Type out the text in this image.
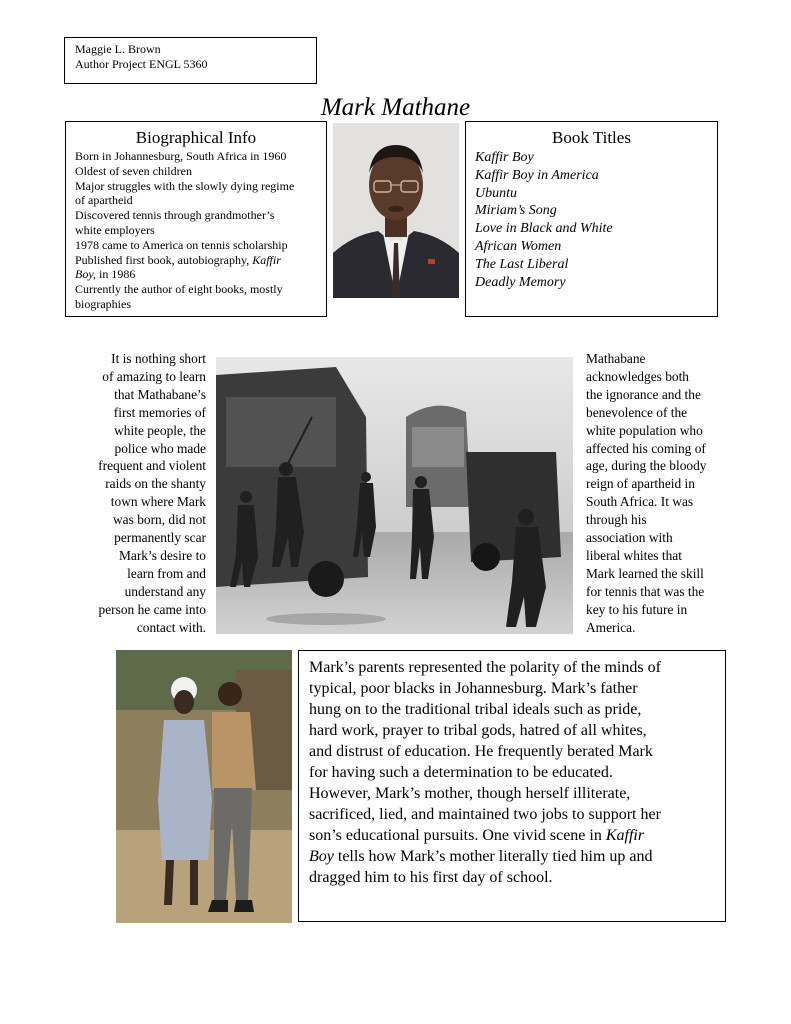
Maggie L. Brown
Author Project ENGL 5360
Mark Mathane
Biographical Info
Born in Johannesburg, South Africa in 1960
Oldest of seven children
Major struggles with the slowly dying regime
of apartheid
Discovered tennis through grandmother’s
white employers
1978 came to America on tennis scholarship
Published first book, autobiography, Kaffir
Boy, in 1986
Currently the author of eight books, mostly
biographies
Book Titles
Kaffir Boy
Kaffir Boy in America
Ubuntu
Miriam’s Song
Love in Black and White
African Women
The Last Liberal
Deadly Memory
It is nothing short
of amazing to learn
that Mathabane’s
first memories of
white people, the
police who made
frequent and violent
raids on the shanty
town where Mark
was born, did not
permanently scar
Mark’s desire to
learn from and
understand any
person he came into
contact with.
Mathabane
acknowledges both
the ignorance and the
benevolence of the
white population who
affected his coming of
age, during the bloody
reign of apartheid in
South Africa. It was
through his
association with
liberal whites that
Mark learned the skill
for tennis that was the
key to his future in
America.
Mark’s parents represented the polarity of the minds of
typical, poor blacks in Johannesburg. Mark’s father
hung on to the traditional tribal ideals such as pride,
hard work, prayer to tribal gods, hatred of all whites,
and distrust of education. He frequently berated Mark
for having such a determination to be educated.
However, Mark’s mother, though herself illiterate,
sacrificed, lied, and maintained two jobs to support her
son’s educational pursuits. One vivid scene in Kaffir
Boy tells how Mark’s mother literally tied him up and
dragged him to his first day of school.
